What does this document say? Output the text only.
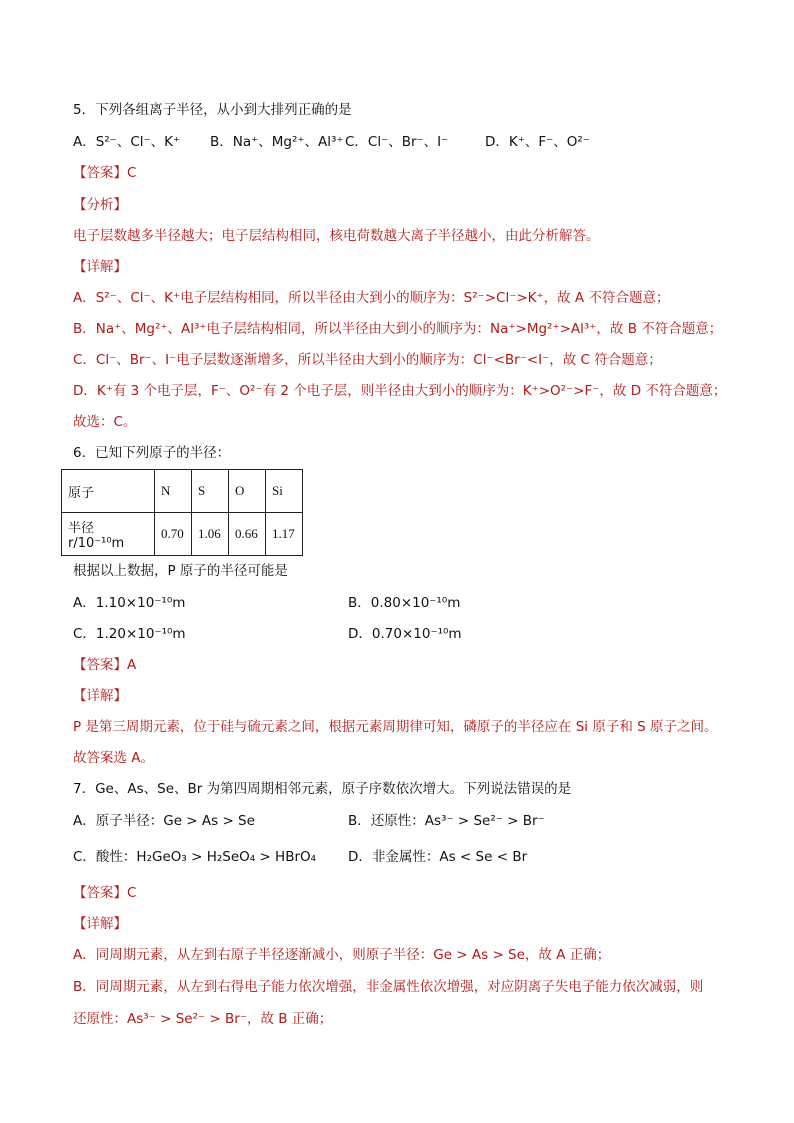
5．下列各组离子半径，从小到大排列正确的是
A．S²⁻、Cl⁻、K⁺ B．Na⁺、Mg²⁺、Al³⁺ C．Cl⁻、Br⁻、I⁻	D．K⁺、F⁻、O²⁻
【答案】C
【分析】
电子层数越多半径越大；电子层结构相同，核电荷数越大离子半径越小，由此分析解答。
【详解】
A．S²⁻、Cl⁻、K⁺电子层结构相同，所以半径由大到小的顺序为：S²⁻>Cl⁻>K⁺，故 A 不符合题意；
B．Na⁺、Mg²⁺、Al³⁺电子层结构相同，所以半径由大到小的顺序为：Na⁺>Mg²⁺>Al³⁺，故 B 不符合题意；
C．Cl⁻、Br⁻、I⁻电子层数逐渐增多，所以半径由大到小的顺序为：Cl⁻<Br⁻<I⁻，故 C 符合题意；
D．K⁺有 3 个电子层，F⁻、O²⁻有 2 个电子层，则半径由大到小的顺序为：K⁺>O²⁻>F⁻，故 D 不符合题意；
故选：C。
6．已知下列原子的半径：
原子	N	S	O	Si
半径r/10⁻¹⁰m	0.70	1.06	0.66	1.17
根据以上数据，P 原子的半径可能是
A．1.10×10⁻¹⁰m	B．0.80×10⁻¹⁰m
C．1.20×10⁻¹⁰m	D．0.70×10⁻¹⁰m
【答案】A
【详解】
P 是第三周期元素，位于硅与硫元素之间，根据元素周期律可知，磷原子的半径应在 Si 原子和 S 原子之间。
故答案选 A。
7．Ge、As、Se、Br 为第四周期相邻元素，原子序数依次增大。下列说法错误的是
A．原子半径：Ge > As > Se	B．还原性：As³⁻ > Se²⁻ > Br⁻
C．酸性：H₂GeO₃ > H₂SeO₄ > HBrO₄ D．非金属性：As < Se < Br
【答案】C
【详解】
A．同周期元素，从左到右原子半径逐渐减小，则原子半径：Ge > As > Se，故 A 正确；
B．同周期元素，从左到右得电子能力依次增强，非金属性依次增强，对应阴离子失电子能力依次减弱，则
还原性：As³⁻ > Se²⁻ > Br⁻，故 B 正确；
